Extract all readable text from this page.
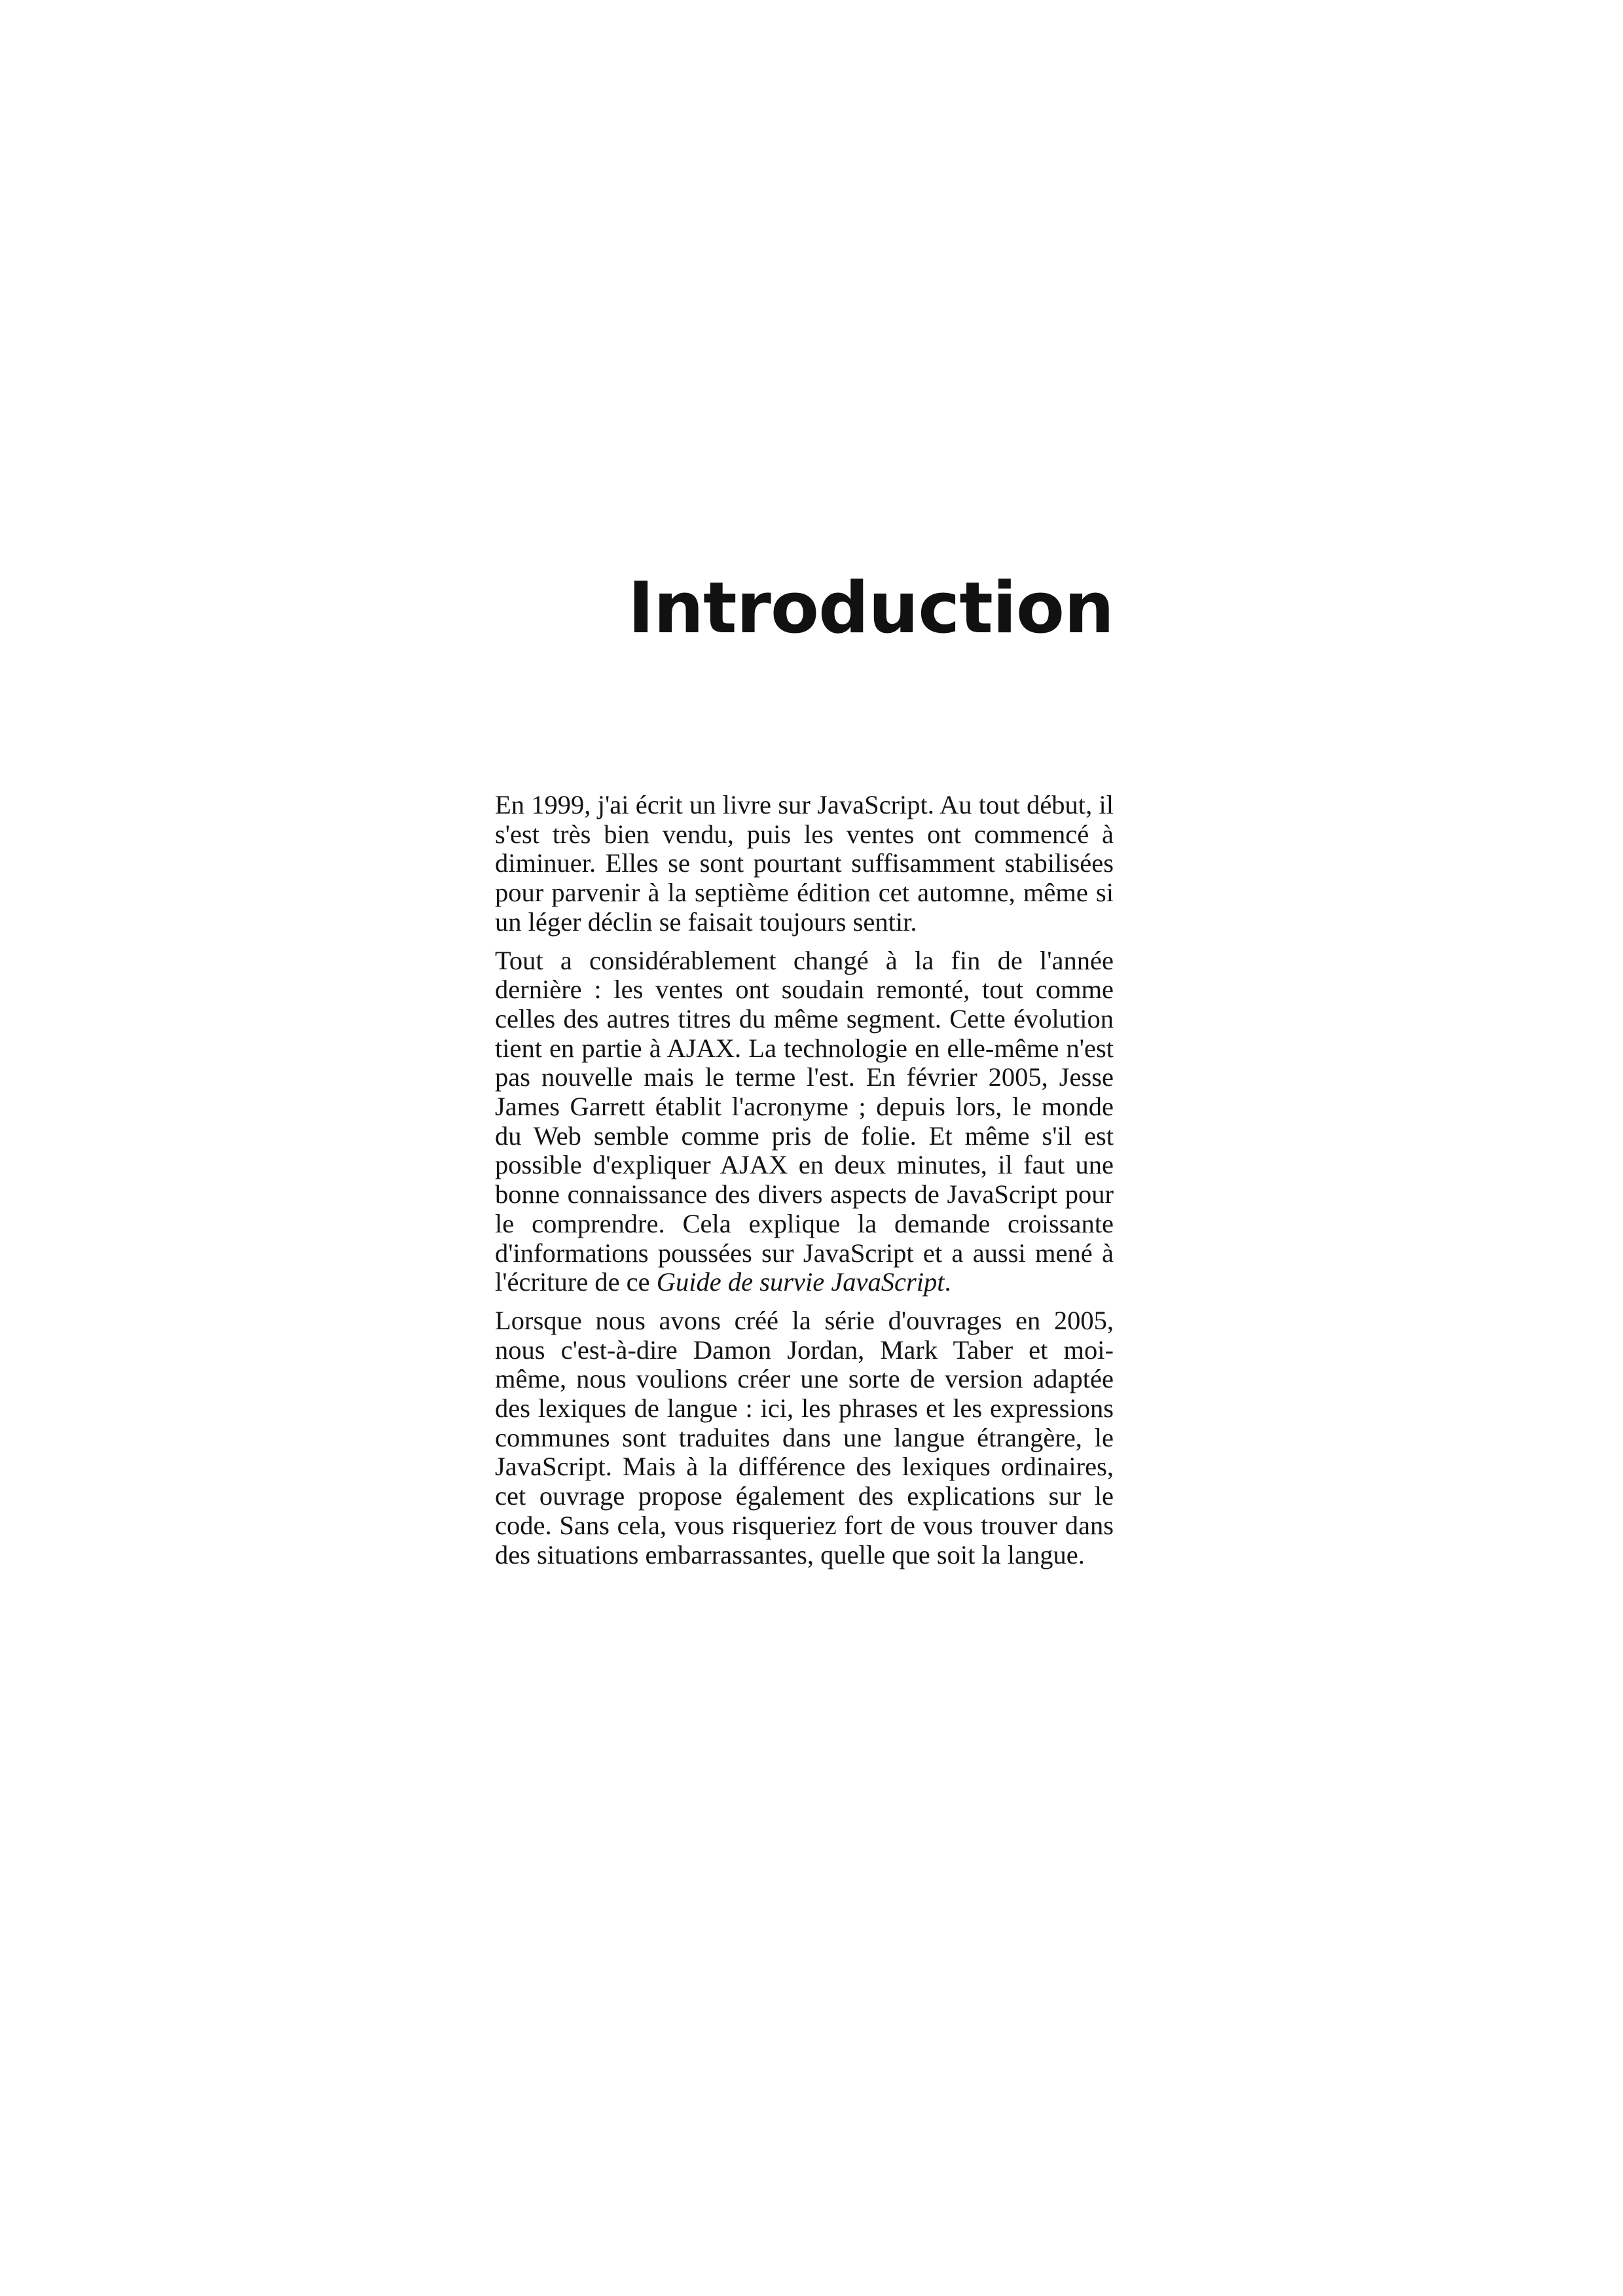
Introduction

En 1999, j'ai écrit un livre sur JavaScript. Au tout début, il s'est très bien vendu, puis les ventes ont commencé à diminuer. Elles se sont pourtant suffisamment stabilisées pour parvenir à la septième édition cet automne, même si un léger déclin se faisait toujours sentir.

Tout a considérablement changé à la fin de l'année dernière : les ventes ont soudain remonté, tout comme celles des autres titres du même segment. Cette évolution tient en partie à AJAX. La technologie en elle-même n'est pas nouvelle mais le terme l'est. En février 2005, Jesse James Garrett établit l'acronyme ; depuis lors, le monde du Web semble comme pris de folie. Et même s'il est possible d'expliquer AJAX en deux minutes, il faut une bonne connaissance des divers aspects de JavaScript pour le comprendre. Cela explique la demande croissante d'informations poussées sur JavaScript et a aussi mené à l'écriture de ce Guide de survie JavaScript.

Lorsque nous avons créé la série d'ouvrages en 2005, nous c'est-à-dire Damon Jordan, Mark Taber et moi-même, nous voulions créer une sorte de version adaptée des lexiques de langue : ici, les phrases et les expressions communes sont traduites dans une langue étrangère, le JavaScript. Mais à la différence des lexiques ordinaires, cet ouvrage propose également des explications sur le code. Sans cela, vous risqueriez fort de vous trouver dans des situations embarrassantes, quelle que soit la langue.
